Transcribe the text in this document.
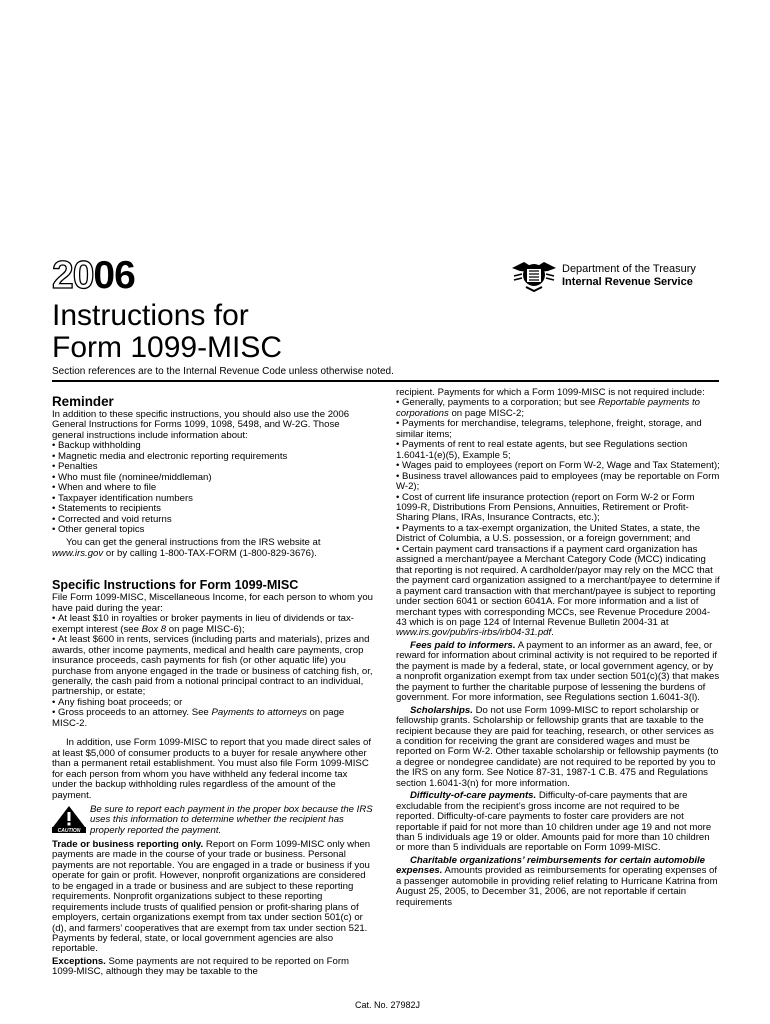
2006	Department of the Treasury
Internal Revenue Service
Instructions for
Form 1099-MISC
Section references are to the Internal Revenue Code unless otherwise noted.

Reminder

In addition to these specific instructions, you should also use the 2006 General Instructions for Forms 1099, 1098, 5498, and W-2G. Those general instructions include information about:

• Backup withholding

• Magnetic media and electronic reporting requirements

• Penalties

• Who must file (nominee/middleman)

• When and where to file

• Taxpayer identification numbers

• Statements to recipients

• Corrected and void returns

• Other general topics

You can get the general instructions from the IRS website at www.irs.gov or by calling 1-800-TAX-FORM (1-800-829-3676).

Specific Instructions for Form 1099-MISC

File Form 1099-MISC, Miscellaneous Income, for each person to whom you have paid during the year:

• At least $10 in royalties or broker payments in lieu of dividends or tax-exempt interest (see Box 8 on page MISC-6);

• At least $600 in rents, services (including parts and materials), prizes and awards, other income payments, medical and health care payments, crop insurance proceeds, cash payments for fish (or other aquatic life) you purchase from anyone engaged in the trade or business of catching fish, or, generally, the cash paid from a notional principal contract to an individual, partnership, or estate;

• Any fishing boat proceeds; or

• Gross proceeds to an attorney. See Payments to attorneys on page MISC-2.

In addition, use Form 1099-MISC to report that you made direct sales of at least $5,000 of consumer products to a buyer for resale anywhere other than a permanent retail establishment. You must also file Form 1099-MISC for each person from whom you have withheld any federal income tax under the backup withholding rules regardless of the amount of the payment.

CAUTION
Be sure to report each payment in the proper box because the IRS uses this information to determine whether the recipient has properly reported the payment.

Trade or business reporting only. Report on Form 1099-MISC only when payments are made in the course of your trade or business. Personal payments are not reportable. You are engaged in a trade or business if you operate for gain or profit. However, nonprofit organizations are considered to be engaged in a trade or business and are subject to these reporting requirements. Nonprofit organizations subject to these reporting requirements include trusts of qualified pension or profit-sharing plans of employers, certain organizations exempt from tax under section 501(c) or (d), and farmers’ cooperatives that are exempt from tax under section 521. Payments by federal, state, or local government agencies are also reportable.

Exceptions. Some payments are not required to be reported on Form 1099-MISC, although they may be taxable to the

recipient. Payments for which a Form 1099-MISC is not required include:

• Generally, payments to a corporation; but see Reportable payments to corporations on page MISC-2;

• Payments for merchandise, telegrams, telephone, freight, storage, and similar items;

• Payments of rent to real estate agents, but see Regulations section 1.6041-1(e)(5), Example 5;

• Wages paid to employees (report on Form W-2, Wage and Tax Statement);

• Business travel allowances paid to employees (may be reportable on Form W-2);

• Cost of current life insurance protection (report on Form W-2 or Form 1099-R, Distributions From Pensions, Annuities, Retirement or Profit-Sharing Plans, IRAs, Insurance Contracts, etc.);

• Payments to a tax-exempt organization, the United States, a state, the District of Columbia, a U.S. possession, or a foreign government; and

• Certain payment card transactions if a payment card organization has assigned a merchant/payee a Merchant Category Code (MCC) indicating that reporting is not required. A cardholder/payor may rely on the MCC that the payment card organization assigned to a merchant/payee to determine if a payment card transaction with that merchant/payee is subject to reporting under section 6041 or section 6041A. For more information and a list of merchant types with corresponding MCCs, see Revenue Procedure 2004-43 which is on page 124 of Internal Revenue Bulletin 2004-31 at www.irs.gov/pub/irs-irbs/irb04-31.pdf.

Fees paid to informers. A payment to an informer as an award, fee, or reward for information about criminal activity is not required to be reported if the payment is made by a federal, state, or local government agency, or by a nonprofit organization exempt from tax under section 501(c)(3) that makes the payment to further the charitable purpose of lessening the burdens of government. For more information, see Regulations section 1.6041-3(l).

Scholarships. Do not use Form 1099-MISC to report scholarship or fellowship grants. Scholarship or fellowship grants that are taxable to the recipient because they are paid for teaching, research, or other services as a condition for receiving the grant are considered wages and must be reported on Form W-2. Other taxable scholarship or fellowship payments (to a degree or nondegree candidate) are not required to be reported by you to the IRS on any form. See Notice 87-31, 1987-1 C.B. 475 and Regulations section 1.6041-3(n) for more information.

Difficulty-of-care payments. Difficulty-of-care payments that are excludable from the recipient’s gross income are not required to be reported. Difficulty-of-care payments to foster care providers are not reportable if paid for not more than 10 children under age 19 and not more than 5 individuals age 19 or older. Amounts paid for more than 10 children or more than 5 individuals are reportable on Form 1099-MISC.

Charitable organizations’ reimbursements for certain automobile expenses. Amounts provided as reimbursements for operating expenses of a passenger automobile in providing relief relating to Hurricane Katrina from August 25, 2005, to December 31, 2006, are not reportable if certain requirements

Cat. No. 27982J
